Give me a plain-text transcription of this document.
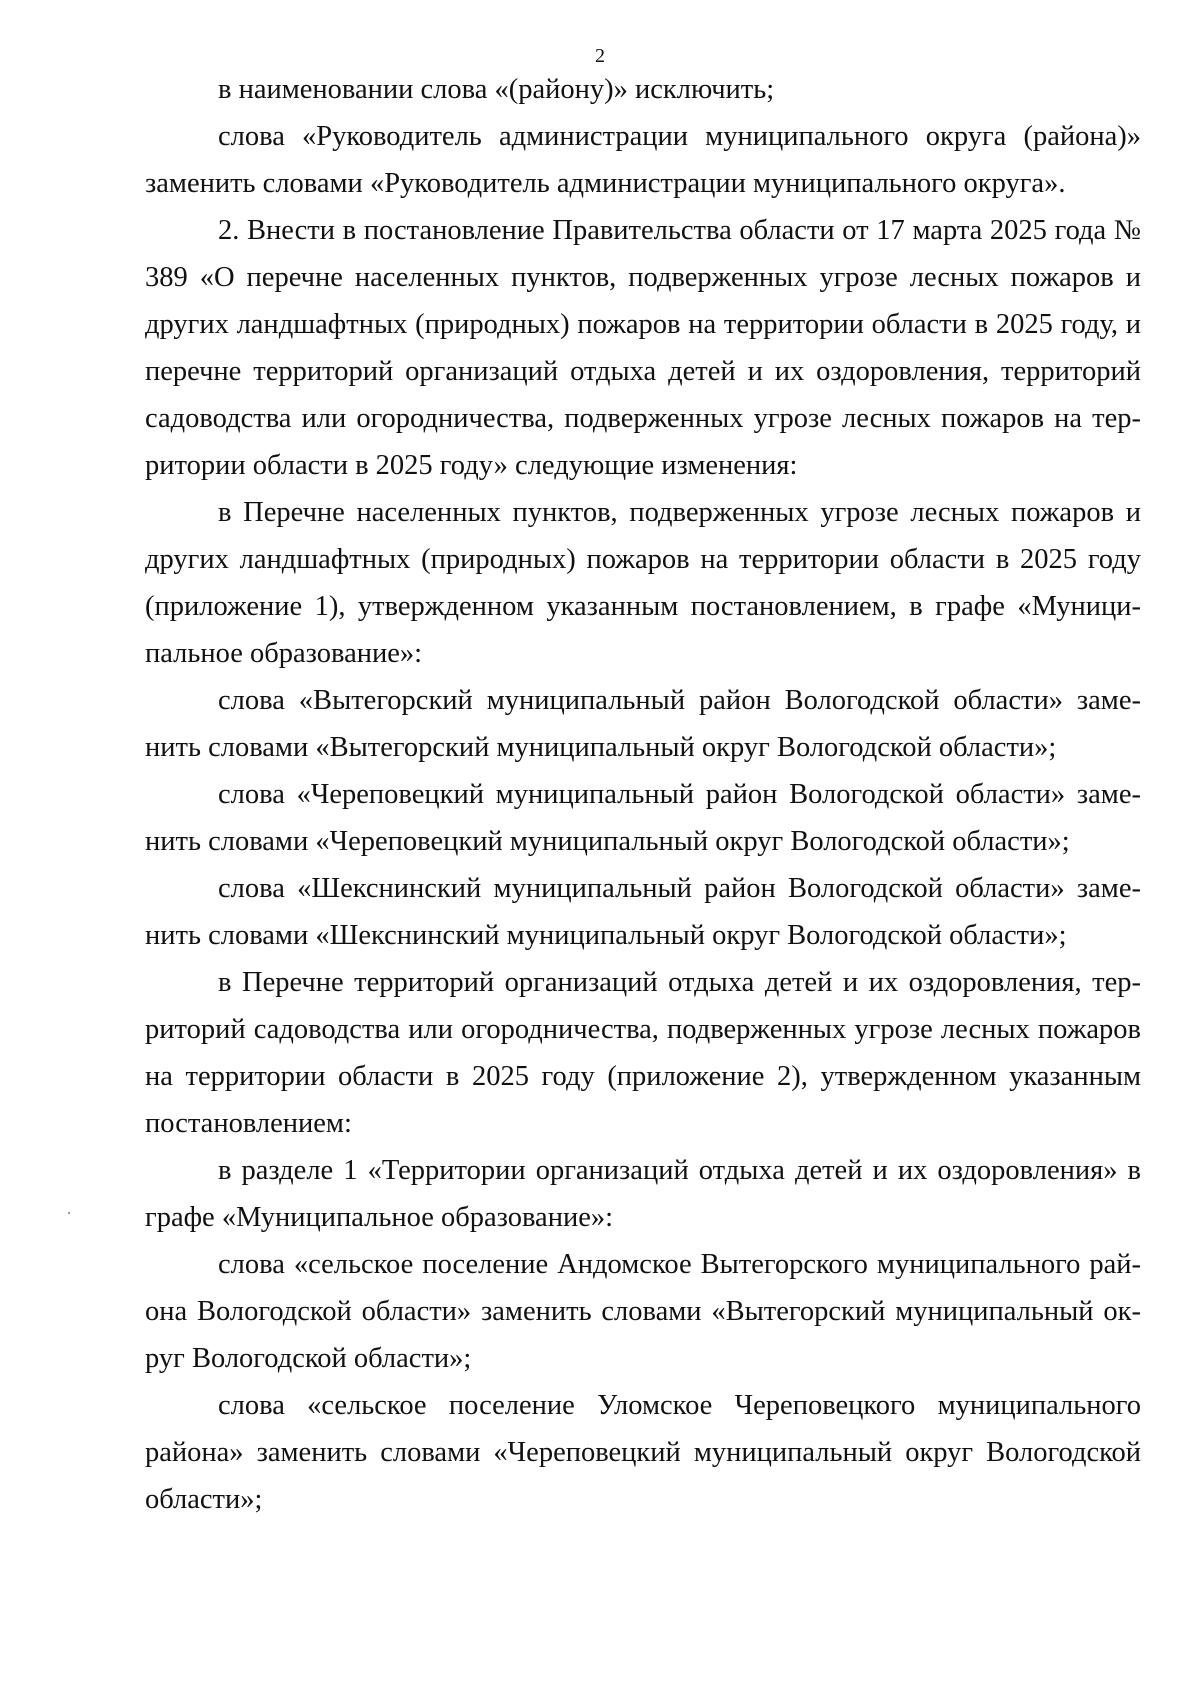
2

в наименовании слова «(району)» исключить;

слова «Руководитель администрации муниципального округа (района)» заменить словами «Руководитель администрации муниципального округа».

2. Внести в постановление Правительства области от 17 марта 2025 года № 389 «О перечне населенных пунктов, подверженных угрозе лесных пожаров и других ландшафтных (природных) пожаров на территории области в 2025 году, и перечне территорий организаций отдыха детей и их оздоровления, территорий садоводства или огородничества, подверженных угрозе лесных пожаров на территории области в 2025 году» следующие изменения:

в Перечне населенных пунктов, подверженных угрозе лесных пожаров и других ландшафтных (природных) пожаров на территории области в 2025 году (приложение 1), утвержденном указанным постановлением, в графе «Муниципальное образование»:

слова «Вытегорский муниципальный район Вологодской области» заменить словами «Вытегорский муниципальный округ Вологодской области»;

слова «Череповецкий муниципальный район Вологодской области» заменить словами «Череповецкий муниципальный округ Вологодской области»;

слова «Шекснинский муниципальный район Вологодской области» заменить словами «Шекснинский муниципальный округ Вологодской области»;

в Перечне территорий организаций отдыха детей и их оздоровления, территорий садоводства или огородничества, подверженных угрозе лесных пожаров на территории области в 2025 году (приложение 2), утвержденном указанным постановлением:

в разделе 1 «Территории организаций отдыха детей и их оздоровления» в графе «Муниципальное образование»:

слова «сельское поселение Андомское Вытегорского муниципального района Вологодской области» заменить словами «Вытегорский муниципальный округ Вологодской области»;

слова «сельское поселение Уломское Череповецкого муниципального района» заменить словами «Череповецкий муниципальный округ Вологодской области»;
